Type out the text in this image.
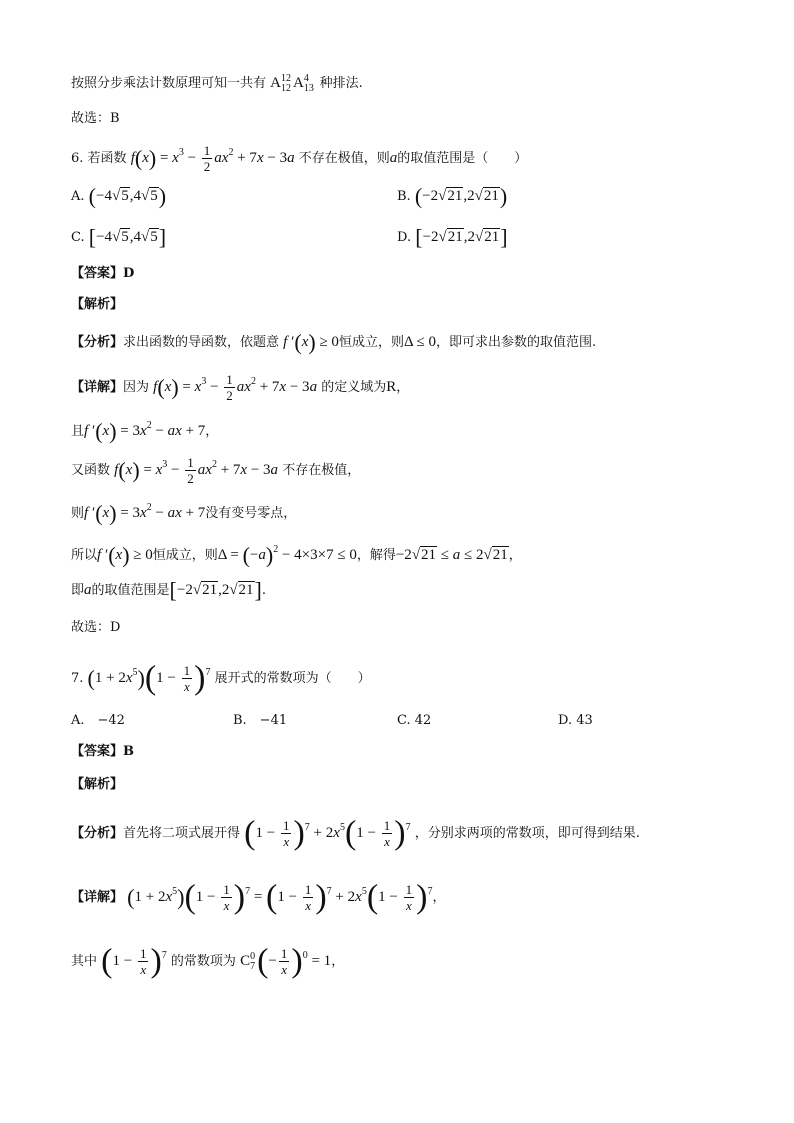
按照分步乘法计数原理可知一共有 A 12
12 A 4
13 种排法.
故选：B
6. 若函数 $f(x) = x^3 - \frac{1}{2} ax^2 + 7x - 3a$ 不存在极值，则a的取值范围是（　　）
A. (−4√5,4√5)	B. (−2√21,2√21)
C. [−4√5,4√5]	D. [−2√21,2√21]
【答案】D
【解析】
【分析】求出函数的导函数，依题意 f ′(x) ≥ 0恒成立，则Δ ≤ 0，即可求出参数的取值范围.
【详解】因为 $f(x) = x^3 - \frac{1}{2} ax^2 + 7x - 3a$ 的定义域为R，
且f $'(x) = 3x^2$ − ax + 7，
又函数 $f(x) = x^3 - \frac{1}{2} ax^2 + 7x - 3a$ 不存在极值，
则f $'(x) = 3x^2$ − ax + 7没有变号零点，
所以f ′(x) ≥ 0恒成立，则$\Delta = (-a)^2 - 4\times 3\times 7 \le 0$，解得−2√21 ≤ a ≤ 2√21，
即a的取值范围是[−2√21,2√21].
故选：D
7. $(1 + 2x^5)(1 - \frac{1}{x} )^7$ 展开式的常数项为（　　）
A.　−42	B.　−41	C. 42	D. 43
【答案】B
【解析】
【分析】首先将二项式展开得 $(1 - \frac{1}{x} )^7 + 2x^5(1 - \frac{1}{x} )^7$ ，分别求两项的常数项，即可得到结果.
【详解】 $(1 + 2x^5)(1 - \frac{1}{x} )^7 = (1 - \frac{1}{x} )^7 + 2x^5(1 - \frac{1}{x} )^7$，
其中 $(1 - \frac{1}{x} )^7$ 的常数项为 C 0
7 (− $\frac{1}{x} )^0 = 1$，
